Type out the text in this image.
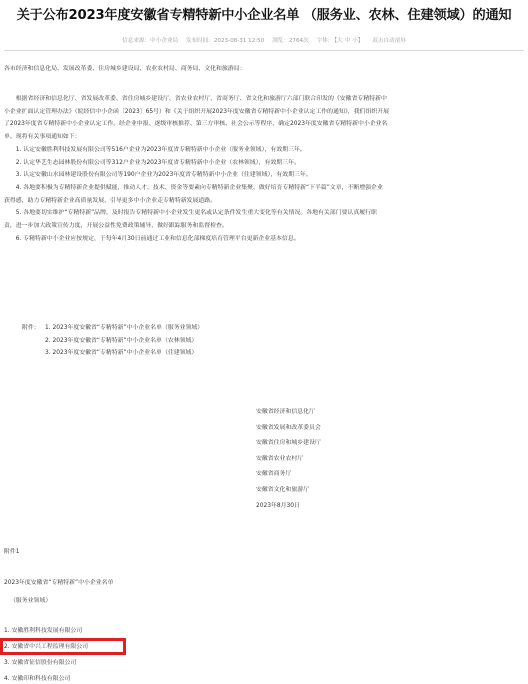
关于公布2023年度安徽省专精特新中小企业名单 （服务业、农林、住建领域）的通知
信息来源：中小企业局 发布时间：2023-08-31 12:50 浏览：2764次 字体：【大 中 小】 双击自动滚屏
各市经济和信息化局、发展改革委、住房城乡建设局、农业农村局、商务局、文化和旅游局：

　　根据省经济和信息化厅、省发展改革委、省住房城乡建设厅、省农业农村厅、省商务厅、省文化和旅游厅六部门联合印发的《安徽省专精特新中

小企业扩面认定管理办法》（皖经信中小企函〔2023〕65号）和《关于组织开展2023年度安徽省专精特新中小企业认定工作的通知》，我们组织开展

了2023年度省专精特新中小企业认定工作。经企业申报、逐级审核推荐、第三方审核、社会公示等程序，确定2023年度安徽省专精特新中小企业名

单。现将有关事项通知如下：

　　1. 认定安徽胜利科技发展有限公司等516户企业为2023年度省专精特新中小企业（服务业领域），有效期三年。

　　2. 认定华艺生态园林股份有限公司等312户企业为2023年度省专精特新中小企业（农林领域），有效期三年。

　　3. 认定安徽山水园林建设股份有限公司等190户企业为2023年度省专精特新中小企业（住建领域），有效期三年。

　　4. 各地要积极为专精特新企业提供赋能，推动人才、技术、资金等要素向专精特新企业集聚，做好培育专精特新“下半篇”文章，不断增强企业

获得感，助力专精特新企业高质量发展，引导更多中小企业走专精特新发展道路。

　　5. 各地要切实维护“专精特新”品牌，及时报告专精特新中小企业发生更名或认定条件发生重大变化等有关情况。各地有关部门要认真履行职

责，进一步加大政策宣传力度，开展公益性免费政策辅导，做好跟踪服务和监督检查。

　　6. 专精特新中小企业应按规定，于每年4月30日前通过工业和信息化部梯度培育管理平台更新企业基本信息。

附件： 1. 2023年度安徽省“专精特新”中小企业名单（服务业领域）
2. 2023年度安徽省“专精特新”中小企业名单（农林领域）
3. 2023年度安徽省“专精特新”中小企业名单（住建领域）
安徽省经济和信息化厅
安徽省发展和改革委员会
安徽省住房和城乡建设厅
安徽省农业农村厅
安徽省商务厅
安徽省文化和旅游厅
2023年8月30日
附件1
2023年度安徽省“专精特新”中小企业名单
（服务业领域）
1. 安徽胜利科技发展有限公司
2. 安徽省中兴工程监理有限公司
3. 安徽省征信股份有限公司
4. 安徽印和科技有限公司
